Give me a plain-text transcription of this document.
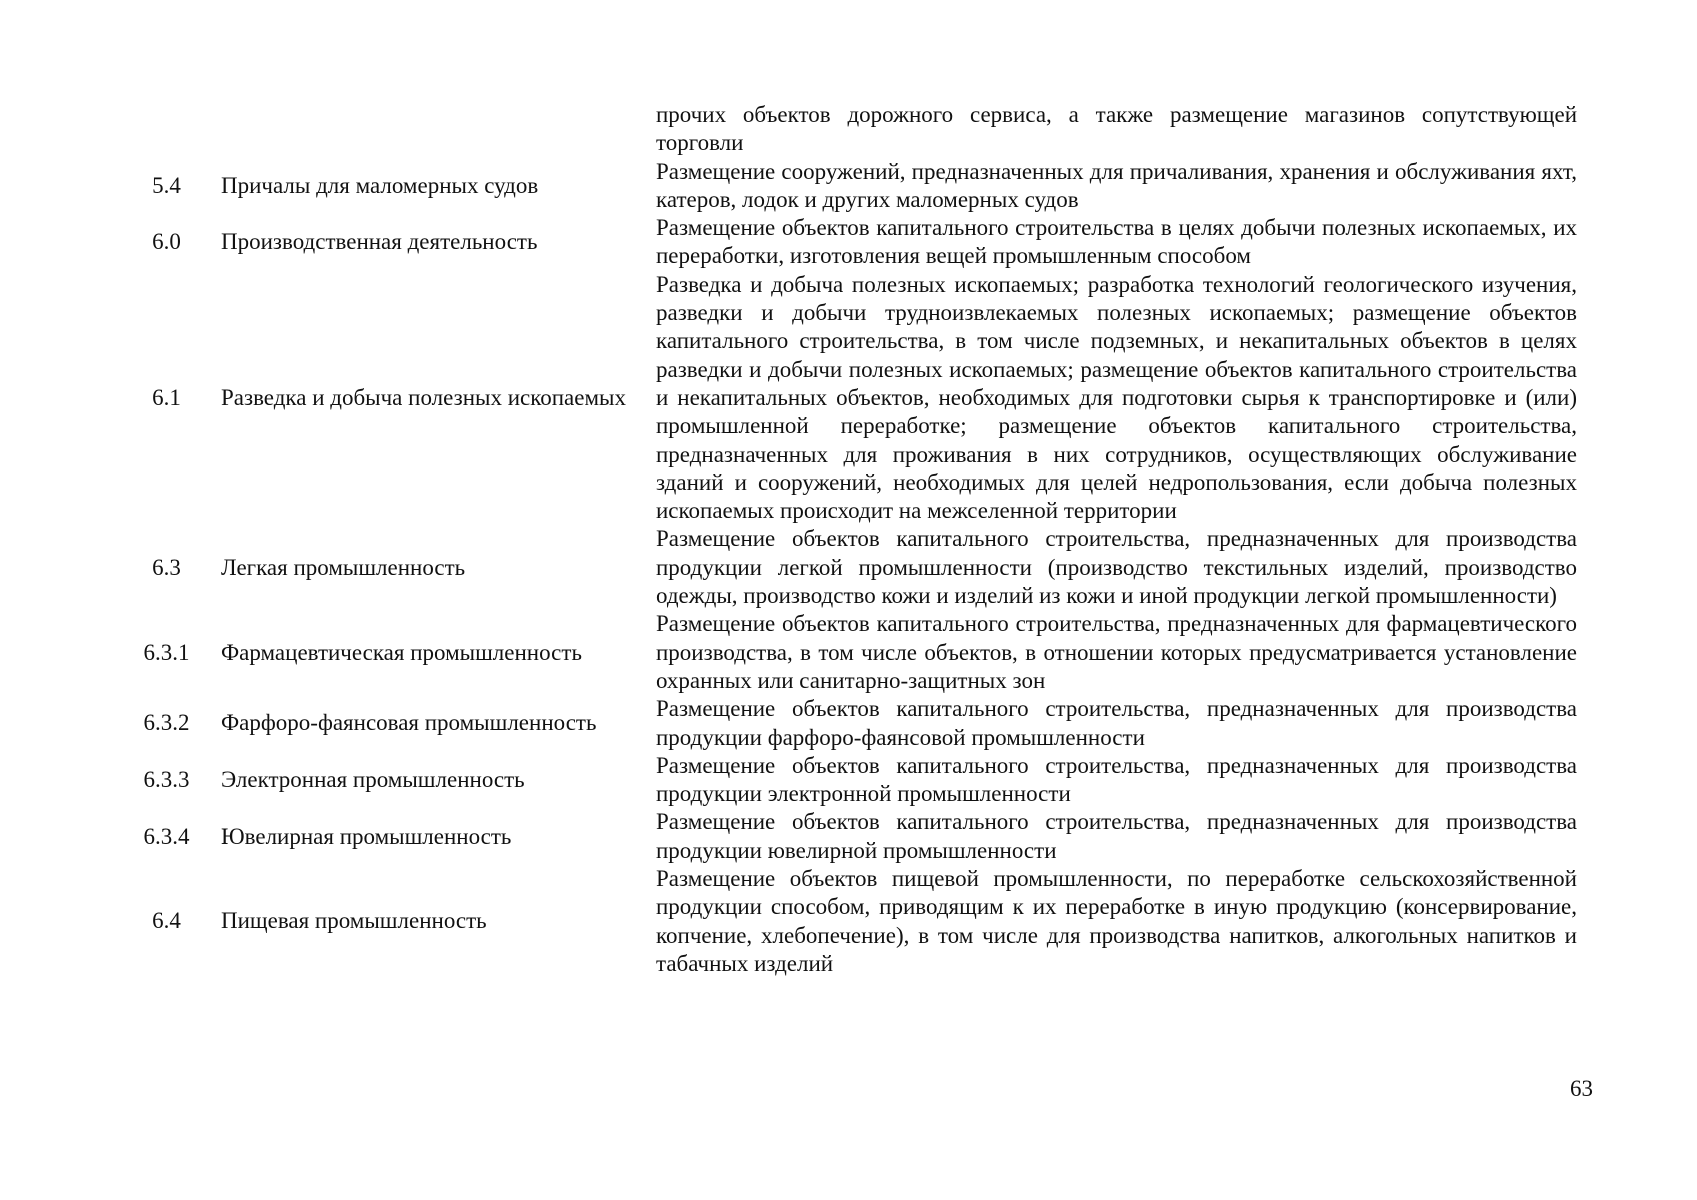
		прочих объектов дорожного сервиса, а также размещение магазинов сопутствующей торговли
5.4	Причалы для маломерных судов	Размещение сооружений, предназначенных для причаливания, хранения и обслуживания яхт, катеров, лодок и других маломерных судов
6.0	Производственная деятельность	Размещение объектов капитального строительства в целях добычи полезных ископаемых, их переработки, изготовления вещей промышленным способом
6.1	Разведка и добыча полезных ископаемых	Разведка и добыча полезных ископаемых; разработка технологий геологического изучения, разведки и добычи трудноизвлекаемых полезных ископаемых; размещение объектов капитального строительства, в том числе подземных, и некапитальных объектов в целях разведки и добычи полезных ископаемых; размещение объектов капитального строительства и некапитальных объектов, необходимых для подготовки сырья к транспортировке и (или) промышленной переработке; размещение объектов капитального строительства, предназначенных для проживания в них сотрудников, осуществляющих обслуживание зданий и сооружений, необходимых для целей недропользования, если добыча полезных ископаемых происходит на межселенной территории
6.3	Легкая промышленность	Размещение объектов капитального строительства, предназначенных для производства продукции легкой промышленности (производство текстильных изделий, производство одежды, производство кожи и изделий из кожи и иной продукции легкой промышленности)
6.3.1	Фармацевтическая промышленность	Размещение объектов капитального строительства, предназначенных для фармацевтического производства, в том числе объектов, в отношении которых предусматривается установление охранных или санитарно-защитных зон
6.3.2	Фарфоро-фаянсовая промышленность	Размещение объектов капитального строительства, предназначенных для производства продукции фарфоро-фаянсовой промышленности
6.3.3	Электронная промышленность	Размещение объектов капитального строительства, предназначенных для производства продукции электронной промышленности
6.3.4	Ювелирная промышленность	Размещение объектов капитального строительства, предназначенных для производства продукции ювелирной промышленности
6.4	Пищевая промышленность	Размещение объектов пищевой промышленности, по переработке сельскохозяйственной продукции способом, приводящим к их переработке в иную продукцию (консервирование, копчение, хлебопечение), в том числе для производства напитков, алкогольных напитков и табачных изделий
63
